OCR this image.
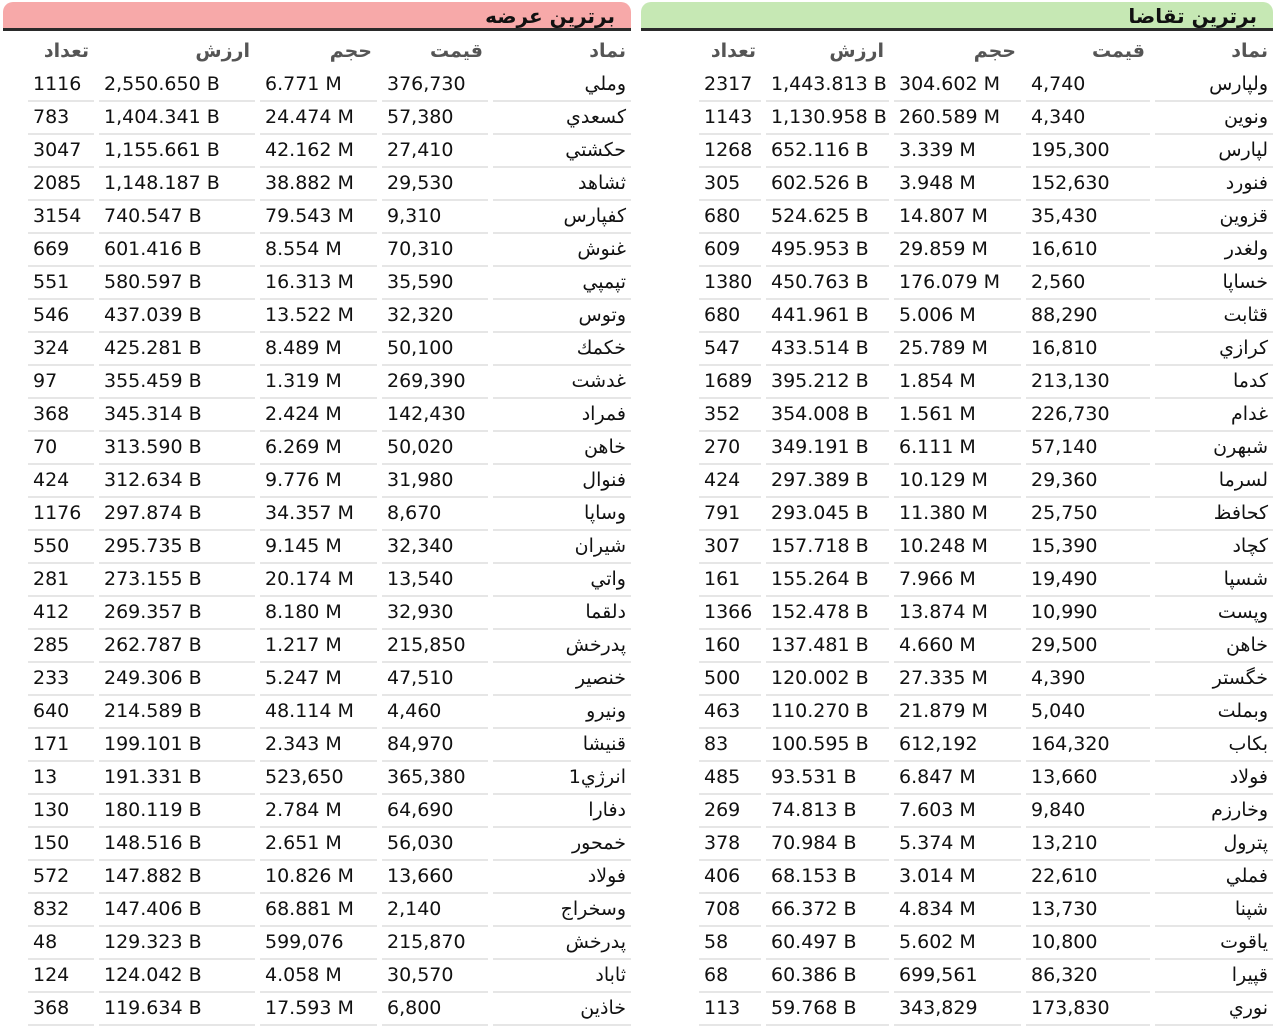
برترین تقاضا
نماد
قیمت
حجم
ارزش
تعداد
ولپارس
4,740
304.602 M
1,443.813 B
2317
ونوين
4,340
260.589 M
1,130.958 B
1143
لپارس
195,300
3.339 M
652.116 B
1268
فنورد
152,630
3.948 M
602.526 B
305
قزوين
35,430
14.807 M
524.625 B
680
ولغدر
16,610
29.859 M
495.953 B
609
خساپا
2,560
176.079 M
450.763 B
1380
قثابت
88,290
5.006 M
441.961 B
680
كرازي
16,810
25.789 M
433.514 B
547
كدما
213,130
1.854 M
395.212 B
1689
غدام
226,730
1.561 M
354.008 B
352
شبهرن
57,140
6.111 M
349.191 B
270
لسرما
29,360
10.129 M
297.389 B
424
كحافظ
25,750
11.380 M
293.045 B
791
كچاد
15,390
10.248 M
157.718 B
307
شسپا
19,490
7.966 M
155.264 B
161
وپست
10,990
13.874 M
152.478 B
1366
خاهن
29,500
4.660 M
137.481 B
160
خگستر
4,390
27.335 M
120.002 B
500
وبملت
5,040
21.879 M
110.270 B
463
بكاب
164,320
612,192
100.595 B
83
فولاد
13,660
6.847 M
93.531 B
485
وخارزم
9,840
7.603 M
74.813 B
269
پترول
13,210
5.374 M
70.984 B
378
فملي
22,610
3.014 M
68.153 B
406
شپنا
13,730
4.834 M
66.372 B
708
ياقوت
10,800
5.602 M
60.497 B
58
قپيرا
86,320
699,561
60.386 B
68
نوري
173,830
343,829
59.768 B
113
برترین عرضه
نماد
قیمت
حجم
ارزش
تعداد
وملي
376,730
6.771 M
2,550.650 B
1116
كسعدي
57,380
24.474 M
1,404.341 B
783
حكشتي
27,410
42.162 M
1,155.661 B
3047
ثشاهد
29,530
38.882 M
1,148.187 B
2085
كفپارس
9,310
79.543 M
740.547 B
3154
غنوش
70,310
8.554 M
601.416 B
669
تپمپي
35,590
16.313 M
580.597 B
551
وتوس
32,320
13.522 M
437.039 B
546
خكمك
50,100
8.489 M
425.281 B
324
غدشت
269,390
1.319 M
355.459 B
97
فمراد
142,430
2.424 M
345.314 B
368
خاهن
50,020
6.269 M
313.590 B
70
فنوال
31,980
9.776 M
312.634 B
424
وساپا
8,670
34.357 M
297.874 B
1176
شيران
32,340
9.145 M
295.735 B
550
واتي
13,540
20.174 M
273.155 B
281
دلقما
32,930
8.180 M
269.357 B
412
پدرخش
215,850
1.217 M
262.787 B
285
خنصير
47,510
5.247 M
249.306 B
233
ونيرو
4,460
48.114 M
214.589 B
640
قنيشا
84,970
2.343 M
199.101 B
171
انرژي1
365,380
523,650
191.331 B
13
دفارا
64,690
2.784 M
180.119 B
130
خمحور
56,030
2.651 M
148.516 B
150
فولاد
13,660
10.826 M
147.882 B
572
وسخراج
2,140
68.881 M
147.406 B
832
پدرخش
215,870
599,076
129.323 B
48
ثاباد
30,570
4.058 M
124.042 B
124
خاذين
6,800
17.593 M
119.634 B
368
